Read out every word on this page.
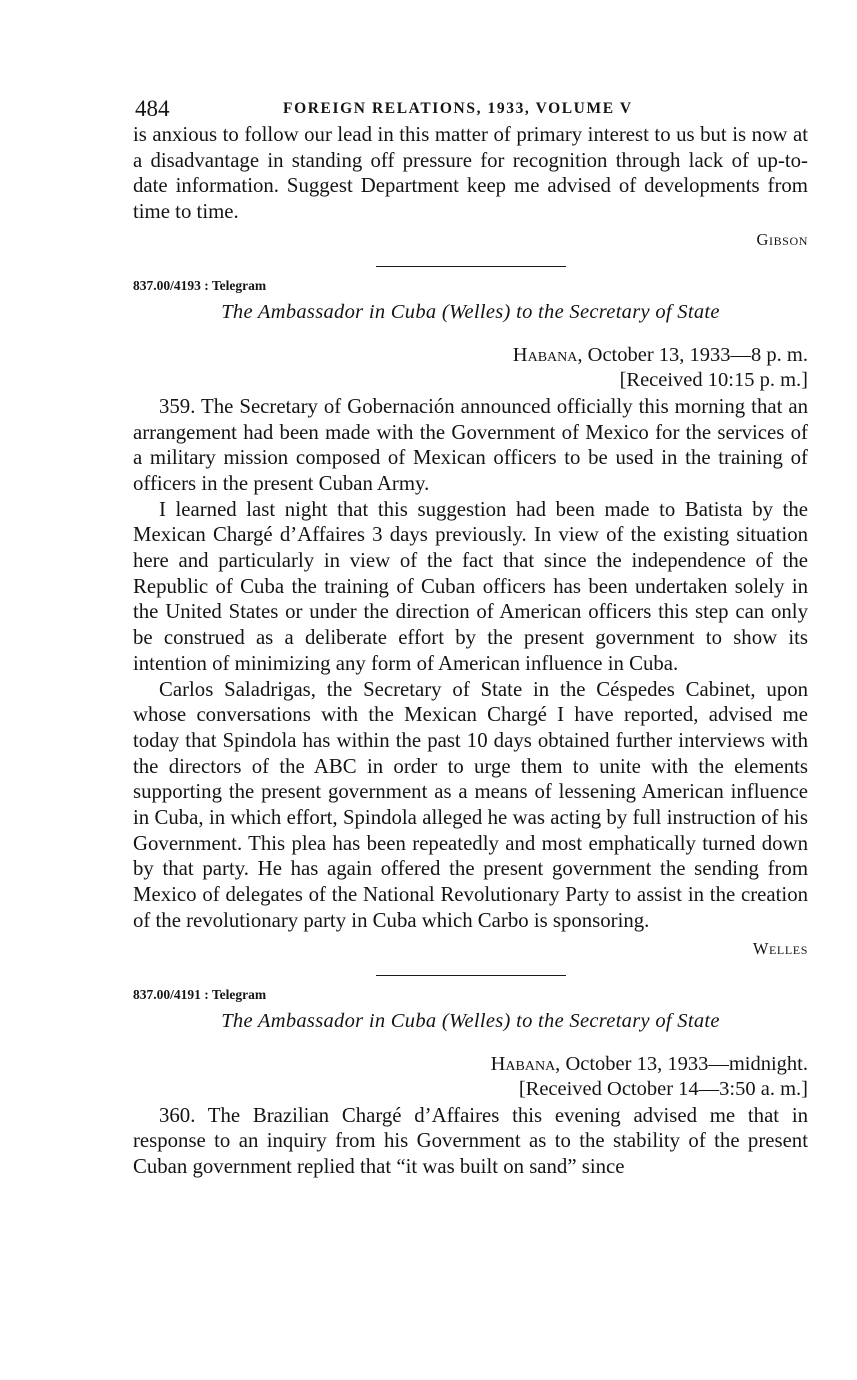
484	FOREIGN RELATIONS, 1933, VOLUME V

is anxious to follow our lead in this matter of primary interest to us but is now at a disadvantage in standing off pressure for recognition through lack of up-to-date information. Suggest Department keep me advised of developments from time to time.

Gibson
837.00/4193 : Telegram
The Ambassador in Cuba (Welles) to the Secretary of State
Habana, October 13, 1933—8 p. m.
[Received 10:15 p. m.]

359. The Secretary of Gobernación announced officially this morning that an arrangement had been made with the Government of Mexico for the services of a military mission composed of Mexican officers to be used in the training of officers in the present Cuban Army.

I learned last night that this suggestion had been made to Batista by the Mexican Chargé d’Affaires 3 days previously. In view of the existing situation here and particularly in view of the fact that since the independence of the Republic of Cuba the training of Cuban officers has been undertaken solely in the United States or under the direction of American officers this step can only be construed as a deliberate effort by the present government to show its intention of minimizing any form of American influence in Cuba.

Carlos Saladrigas, the Secretary of State in the Céspedes Cabinet, upon whose conversations with the Mexican Chargé I have reported, advised me today that Spindola has within the past 10 days obtained further interviews with the directors of the ABC in order to urge them to unite with the elements supporting the present government as a means of lessening American influence in Cuba, in which effort, Spindola alleged he was acting by full instruction of his Government. This plea has been repeatedly and most emphatically turned down by that party. He has again offered the present government the sending from Mexico of delegates of the National Revolutionary Party to assist in the creation of the revolutionary party in Cuba which Carbo is sponsoring.

Welles
837.00/4191 : Telegram
The Ambassador in Cuba (Welles) to the Secretary of State
Habana, October 13, 1933—midnight.
[Received October 14—3:50 a. m.]

360. The Brazilian Chargé d’Affaires this evening advised me that in response to an inquiry from his Government as to the stability of the present Cuban government replied that “it was built on sand” since
